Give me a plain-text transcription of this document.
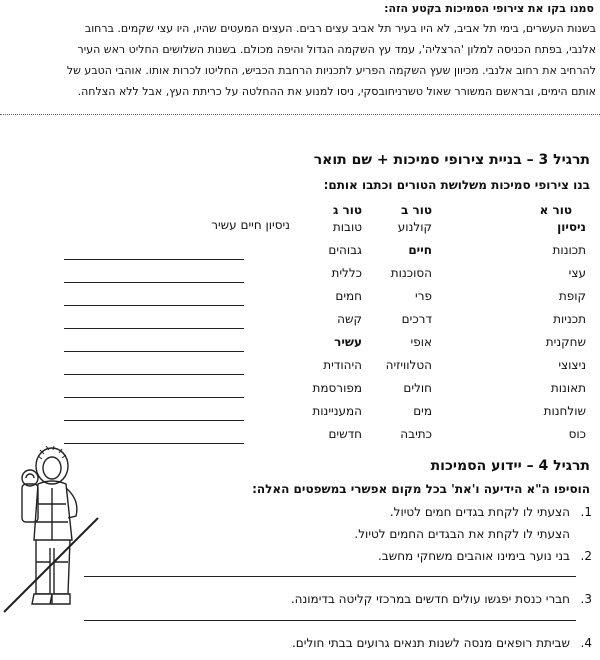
סמנו בקו את צירופי הסמיכות בקטע הזה:

בשנות העשרים, בימי תל אביב, לא היו בעיר תל אביב עצים רבים. העצים המעטים שהיו, היו עצי שקמים. ברחוב

אלנבי, בפתח הכניסה למלון 'הרצליה', עמד עץ השקמה הגדול והיפה מכולם. בשנות השלושים החליט ראש העיר

להרחיב את רחוב אלנבי. מכיוון שעץ השקמה הפריע לתכניות הרחבת הכביש, החליטו לכרות אותו. אוהבי הטבע של

אותם הימים, ובראשם המשורר שאול טשרניחובסקי, ניסו למנוע את ההחלטה על כריתת העץ, אבל ללא הצלחה.

תרגיל 3 – בניית צירופי סמיכות + שם תואר
בנו צירופי סמיכות משלושת הטורים וכתבו אותם:
טור א
טור ב
טור ג
ניסיון חיים עשיר	ניסיון
קולנוע
טובות
תכונות
חיים
גבוהים
עצי
הסוכנות
כללית
קופת
פרי
חמים
תכניות
דרכים
קשה
שחקנית
אופי
עשיר
ניצוצי
הטלוויזיה
היהודית
תאונות
חולים
מפורסמת
שולחנות
מים
המעניינות
כוס
כתיבה
חדשים
תרגיל 4 – יידוע הסמיכות
הוסיפו ה"א הידיעה ו'את' בכל מקום אפשרי במשפטים האלה:
1.
הצעתי לו לקחת בגדים חמים לטיול.
הצעתי לו לקחת את הבגדים החמים לטיול.
2.
בני נוער בימינו אוהבים משחקי מחשב.
3.
חברי כנסת יפגשו עולים חדשים במרכזי קליטה בדימונה.
4.
שביתת רופאים מנסה לשנות תנאים גרועים בבתי חולים.
